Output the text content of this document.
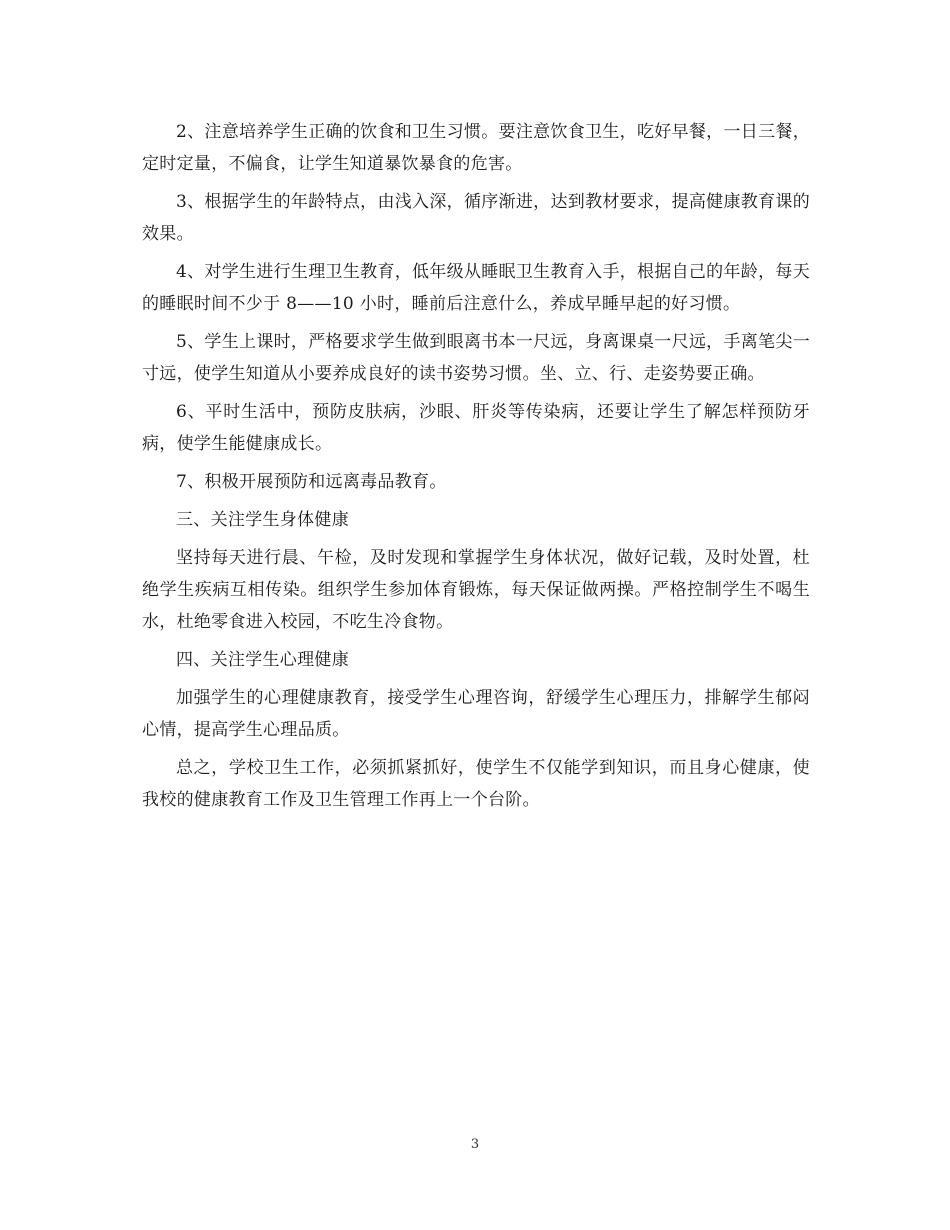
2、注意培养学生正确的饮食和卫生习惯。要注意饮食卫生，吃好早餐，一日三餐，定时定量，不偏食，让学生知道暴饮暴食的危害。

3、根据学生的年龄特点，由浅入深，循序渐进，达到教材要求，提高健康教育课的效果。

4、对学生进行生理卫生教育，低年级从睡眠卫生教育入手，根据自己的年龄，每天的睡眠时间不少于 8——10 小时，睡前后注意什么，养成早睡早起的好习惯。

5、学生上课时，严格要求学生做到眼离书本一尺远，身离课桌一尺远，手离笔尖一寸远，使学生知道从小要养成良好的读书姿势习惯。坐、立、行、走姿势要正确。

6、平时生活中，预防皮肤病，沙眼、肝炎等传染病，还要让学生了解怎样预防牙病，使学生能健康成长。

7、积极开展预防和远离毒品教育。

三、关注学生身体健康

坚持每天进行晨、午检，及时发现和掌握学生身体状况，做好记载，及时处置，杜绝学生疾病互相传染。组织学生参加体育锻炼，每天保证做两操。严格控制学生不喝生水，杜绝零食进入校园，不吃生冷食物。

四、关注学生心理健康

加强学生的心理健康教育，接受学生心理咨询，舒缓学生心理压力，排解学生郁闷心情，提高学生心理品质。

总之，学校卫生工作，必须抓紧抓好，使学生不仅能学到知识，而且身心健康，使我校的健康教育工作及卫生管理工作再上一个台阶。

3
